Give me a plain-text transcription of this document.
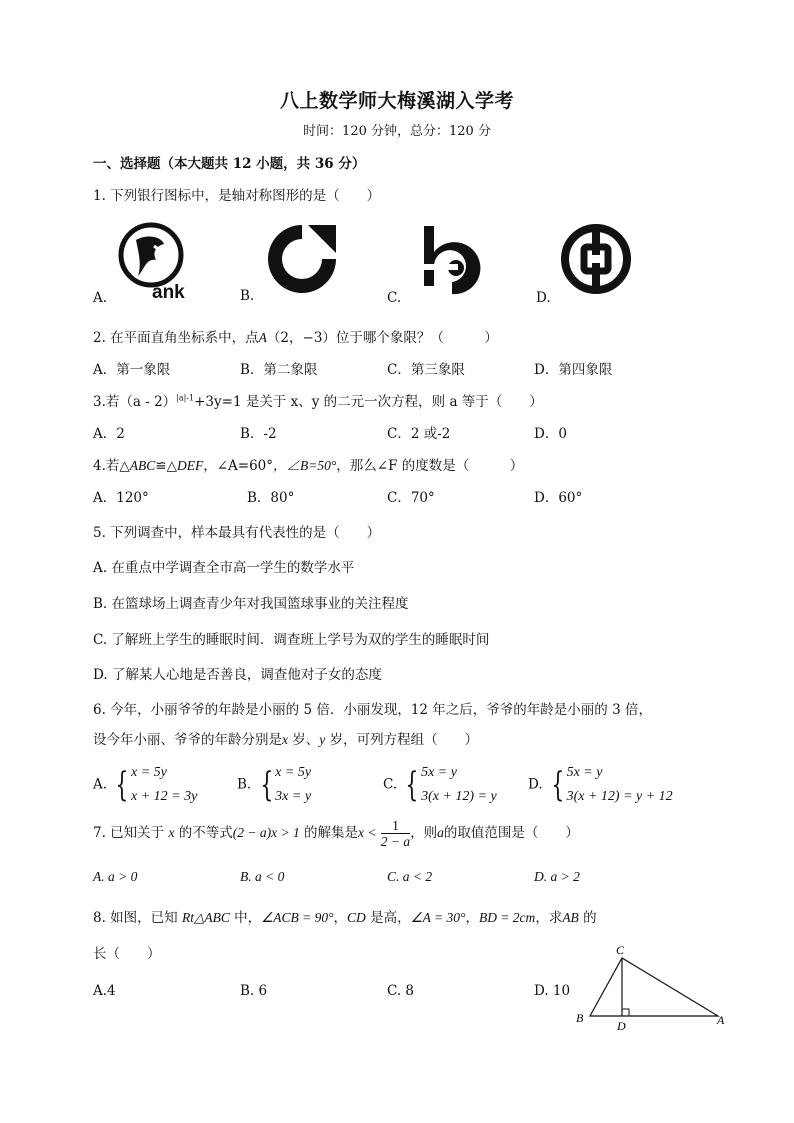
八上数学师大梅溪湖入学考
时间：120 分钟，总分：120 分
一、选择题（本大题共 12 小题，共 36 分）
1. 下列银行图标中，是轴对称图形的是（　　）
ank
A.	B.	C.	D.
2. 在平面直角坐标系中，点A（2，−3）位于哪个象限？（　　　）
A．第一象限	B．第二象限	C．第三象限	D．第四象限
3.若（a - 2）$^{|a|-1}$+3y=1 是关于 x、y 的二元一次方程，则 a 等于（　　）
A．2	B．-2	C．2 或-2	D．0
4.若△ABC≌△DEF，∠A=60°，∠B=50°，那么∠F 的度数是（　　　）
A．120°	B．80°	C．70°	D．60°
5. 下列调查中，样本最具有代表性的是（　　）
A. 在重点中学调查全市高一学生的数学水平
B. 在篮球场上调查青少年对我国篮球事业的关注程度
C. 了解班上学生的睡眠时间．调查班上学号为双的学生的睡眠时间
D. 了解某人心地是否善良，调查他对子女的态度
6. 今年，小丽爷爷的年龄是小丽的 5 倍．小丽发现，12 年之后，爷爷的年龄是小丽的 3 倍，
设今年小丽、爷爷的年龄分别是x 岁、y 岁，可列方程组（　　）
A. { x = 5y
x + 12 = 3y
B. { x = 5y
3x = y
C. { 5x = y
3(x + 12) = y
D. { 5x = y
3(x + 12) = y + 12
7. 已知关于 x 的不等式(2 − a)x > 1 的解集是$x < \frac{1}{2 - a}$ ，则a的取值范围是（　　）
A. a > 0	B. a < 0	C. a < 2	D. a > 2
8. 如图，已知 Rt△ABC 中，∠ACB = 90°，CD 是高，∠A = 30°，BD = 2cm，求AB 的
长（　　）
A.4	B. 6	C. 8	D. 10
C
B
D	A
